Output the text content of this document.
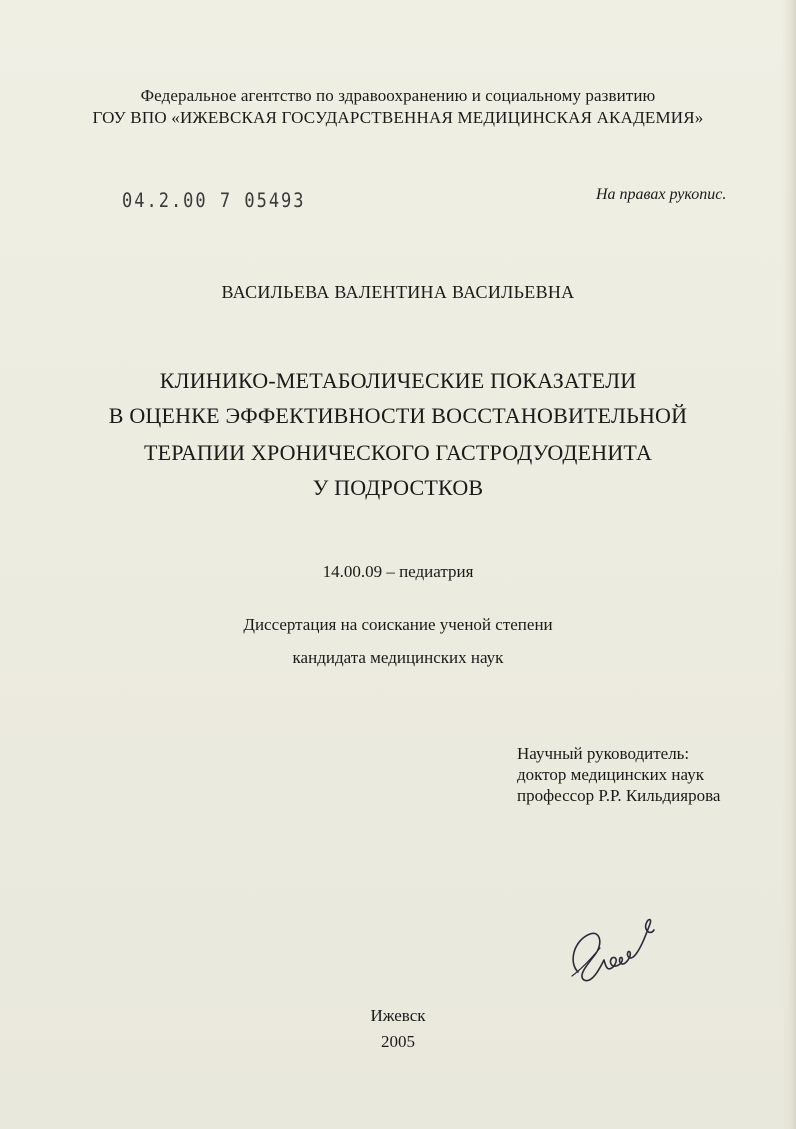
Федеральное агентство по здравоохранению и социальному развитию
ГОУ ВПО «ИЖЕВСКАЯ ГОСУДАРСТВЕННАЯ МЕДИЦИНСКАЯ АКАДЕМИЯ»
04.2.00 7 05493	На правах рукопис.
ВАСИЛЬЕВА ВАЛЕНТИНА ВАСИЛЬЕВНА
КЛИНИКО-МЕТАБОЛИЧЕСКИЕ ПОКАЗАТЕЛИ
В ОЦЕНКЕ ЭФФЕКТИВНОСТИ ВОССТАНОВИТЕЛЬНОЙ
ТЕРАПИИ ХРОНИЧЕСКОГО ГАСТРОДУОДЕНИТА
У ПОДРОСТКОВ
14.00.09 – педиатрия
Диссертация на соискание ученой степени
кандидата медицинских наук
Научный руководитель:
доктор медицинских наук
профессор Р.Р. Кильдиярова
Ижевск
2005
